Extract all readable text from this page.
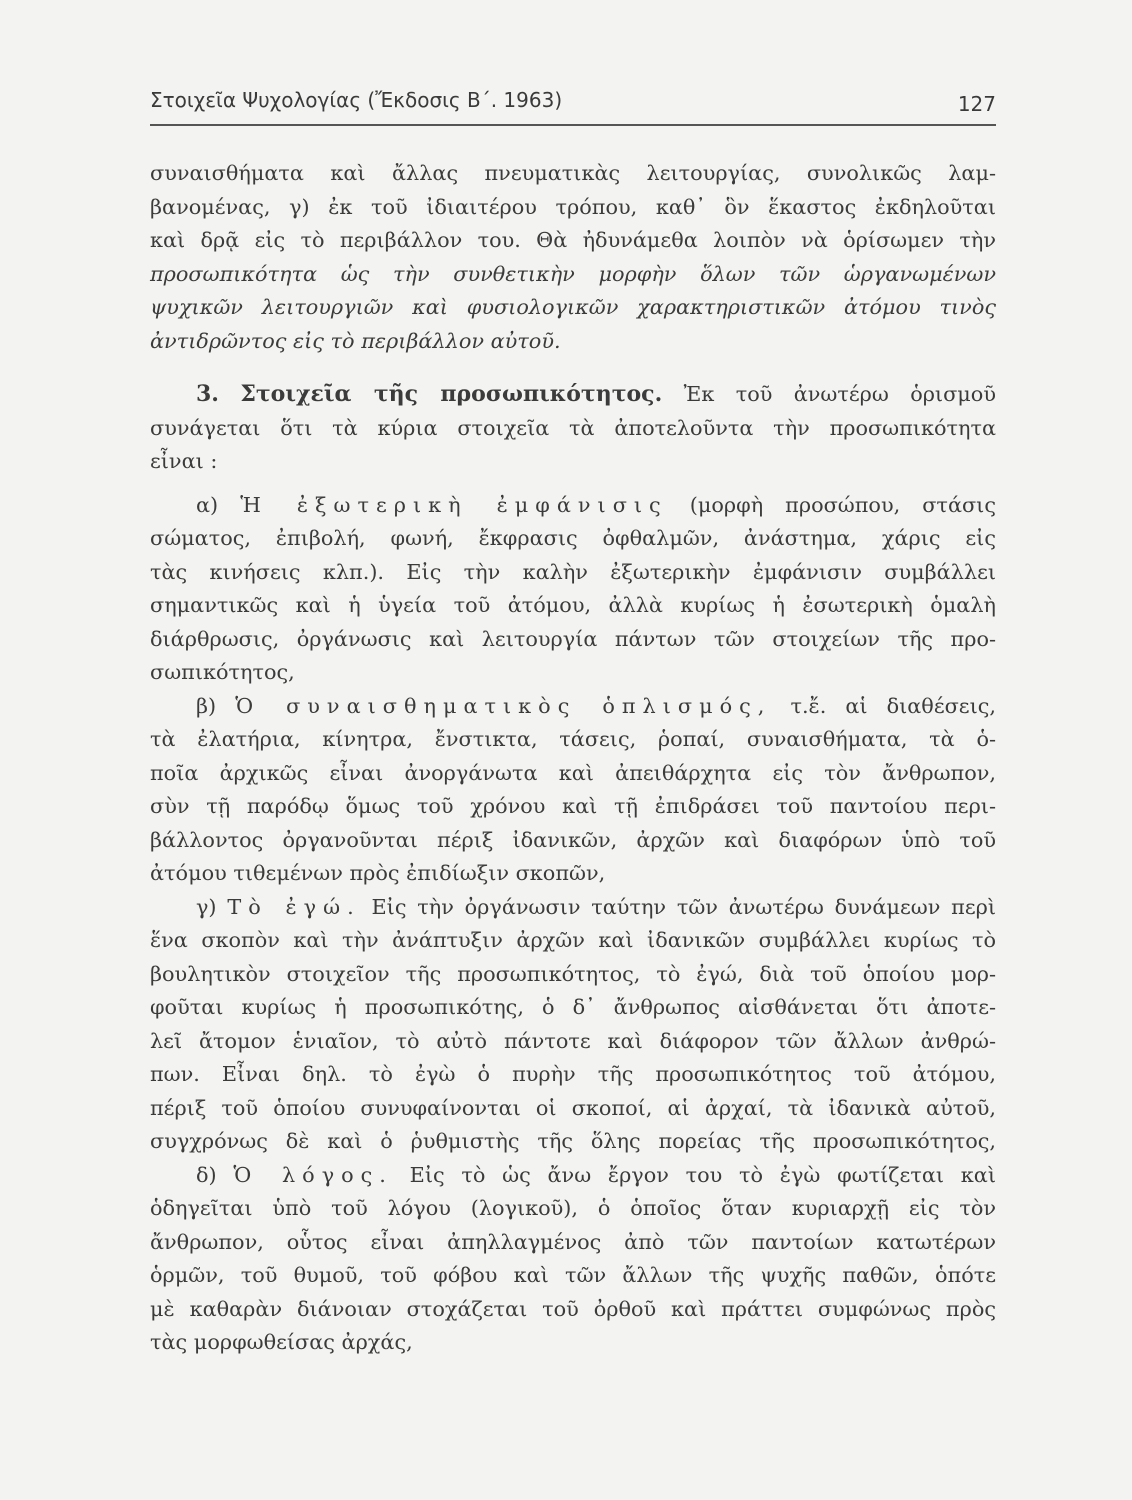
Στοιχεῖα Ψυχολογίας (Ἔκδοσις Β΄. 1963)	127
συναισθήματα καὶ ἄλλας πνευματικὰς λειτουργίας, συνολικῶς λαμ-
βανομένας, γ) ἐκ τοῦ ἰδιαιτέρου τρόπου, καθ᾿ ὃν ἕκαστος ἐκδηλοῦται
καὶ δρᾷ εἰς τὸ περιβάλλον του. Θὰ ἠδυνάμεθα λοιπὸν νὰ ὁρίσωμεν τὴν
προσωπικότητα ὡς τὴν συνθετικὴν μορφὴν ὅλων τῶν ὡργανωμένων
ψυχικῶν λειτουργιῶν καὶ φυσιολογικῶν χαρακτηριστικῶν ἀτόμου τινὸς
ἀντιδρῶντος εἰς τὸ περιβάλλον αὐτοῦ.
3. Στοιχεῖα τῆς προσωπικότητος. Ἐκ τοῦ ἀνωτέρω ὁρισμοῦ
συνάγεται ὅτι τὰ κύρια στοιχεῖα τὰ ἀποτελοῦντα τὴν προσωπικότητα
εἶναι :
α) Ἡ ἐξωτερικὴ ἐμφάνισις (μορφὴ προσώπου, στάσις
σώματος, ἐπιβολή, φωνή, ἔκφρασις ὀφθαλμῶν, ἀνάστημα, χάρις εἰς
τὰς κινήσεις κλπ.). Εἰς τὴν καλὴν ἐξωτερικὴν ἐμφάνισιν συμβάλλει
σημαντικῶς καὶ ἡ ὑγεία τοῦ ἀτόμου, ἀλλὰ κυρίως ἡ ἐσωτερικὴ ὁμαλὴ
διάρθρωσις, ὀργάνωσις καὶ λειτουργία πάντων τῶν στοιχείων τῆς προ-
σωπικότητος,
β) Ὁ συναισθηματικὸς ὁπλισμός, τ.ἔ. αἱ διαθέσεις,
τὰ ἐλατήρια, κίνητρα, ἔνστικτα, τάσεις, ῥοπαί, συναισθήματα, τὰ ὁ-
ποῖα ἀρχικῶς εἶναι ἀνοργάνωτα καὶ ἀπειθάρχητα εἰς τὸν ἄνθρωπον,
σὺν τῇ παρόδῳ ὅμως τοῦ χρόνου καὶ τῇ ἐπιδράσει τοῦ παντοίου περι-
βάλλοντος ὀργανοῦνται πέριξ ἰδανικῶν, ἀρχῶν καὶ διαφόρων ὑπὸ τοῦ
ἀτόμου τιθεμένων πρὸς ἐπιδίωξιν σκοπῶν,
γ) Τὸ ἐγώ. Εἰς τὴν ὀργάνωσιν ταύτην τῶν ἀνωτέρω δυνάμεων περὶ
ἕνα σκοπὸν καὶ τὴν ἀνάπτυξιν ἀρχῶν καὶ ἰδανικῶν συμβάλλει κυρίως τὸ
βουλητικὸν στοιχεῖον τῆς προσωπικότητος, τὸ ἐγώ, διὰ τοῦ ὁποίου μορ-
φοῦται κυρίως ἡ προσωπικότης, ὁ δ᾿ ἄνθρωπος αἰσθάνεται ὅτι ἀποτε-
λεῖ ἄτομον ἑνιαῖον, τὸ αὐτὸ πάντοτε καὶ διάφορον τῶν ἄλλων ἀνθρώ-
πων. Εἶναι δηλ. τὸ ἐγὼ ὁ πυρὴν τῆς προσωπικότητος τοῦ ἀτόμου,
πέριξ τοῦ ὁποίου συνυφαίνονται οἱ σκοποί, αἱ ἀρχαί, τὰ ἰδανικὰ αὐτοῦ,
συγχρόνως δὲ καὶ ὁ ῥυθμιστὴς τῆς ὅλης πορείας τῆς προσωπικότητος,
δ) Ὁ λόγος. Εἰς τὸ ὡς ἄνω ἔργον του τὸ ἐγὼ φωτίζεται καὶ
ὁδηγεῖται ὑπὸ τοῦ λόγου (λογικοῦ), ὁ ὁποῖος ὅταν κυριαρχῇ εἰς τὸν
ἄνθρωπον, οὗτος εἶναι ἀπηλλαγμένος ἀπὸ τῶν παντοίων κατωτέρων
ὁρμῶν, τοῦ θυμοῦ, τοῦ φόβου καὶ τῶν ἄλλων τῆς ψυχῆς παθῶν, ὁπότε
μὲ καθαρὰν διάνοιαν στοχάζεται τοῦ ὀρθοῦ καὶ πράττει συμφώνως πρὸς
τὰς μορφωθείσας ἀρχάς,
